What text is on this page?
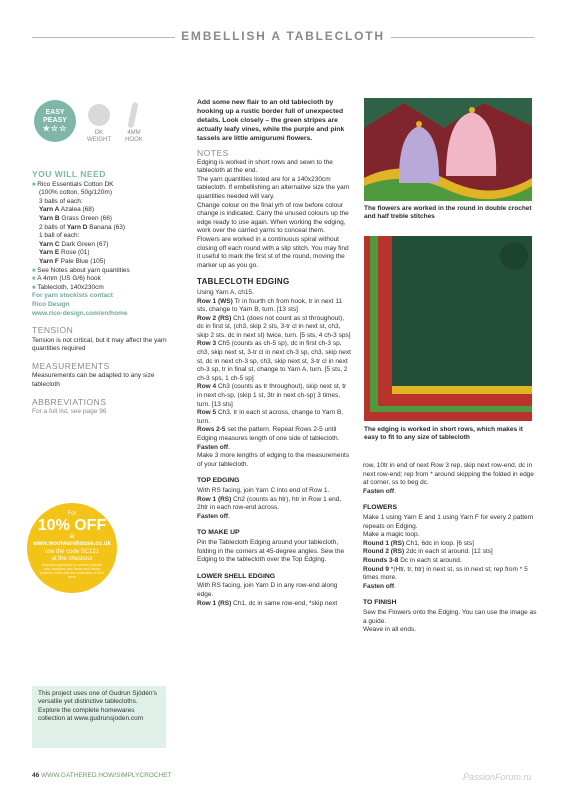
EMBELLISH A TABLECLOTH
EASY
PEASY
★☆☆	DK
WEIGHT
4MM
HOOK
YOU WILL NEED
■ Rico Essentials Cotton DK
(100% cotton, 50g/120m)
3 balls of each:
Yarn A Azalea (68)
Yarn B Grass Green (66)
2 balls of Yarn D Banana (63)
1 ball of each:
Yarn C Dark Green (67)
Yarn E Rose (01)
Yarn F Pale Blue (105)
■ See Notes about yarn quantities
■ A 4mm (US G/6) hook
■ Tablecloth, 140x230cm
For yarn stockists contact
Rico Design
www.rico-design.com/en/home
TENSION
Tension is not critical, but it may affect the yarn quantities required
MEASUREMENTS
Measurements can be adapted to any size tablecloth
ABBREVIATIONS
For a full list, see page 96
For
10% OFF
at
www.woolwarehouse.co.uk
use the code SC121
at the checkout
Discount applicable to current products only; excludes sale items and charity patterns; valid until the publication of next issue
This project uses one of Gudrun Sjödén's versatile yet distinctive tablecloths. Explore the complete homewares collection at www.gudrunsjoden.com
Add some new flair to an old tablecloth by hooking up a rustic border full of unexpected details. Look closely – the green stripes are actually leafy vines, while the purple and pink tassels are little amigurumi flowers.
NOTES

Edging is worked in short rows and sewn to the tablecloth at the end.

The yarn quantities listed are for a 140x230cm tablecloth. If embellishing an alternative size the yarn quantities needed will vary.

Change colour on the final yrh of row before colour change is indicated. Carry the unused colours up the edge ready to use again. When working the edging, work over the carried yarns to conceal them.

Flowers are worked in a continuous spiral without closing off each round with a slip stitch. You may find it useful to mark the first st of the round, moving the marker up as you go.

TABLECLOTH EDGING

Using Yarn A, ch15.

Row 1 (WS) Tr in fourth ch from hook, tr in next 11 sts, change to Yarn B, turn. [13 sts]

Row 2 (RS) Ch1 (does not count as st throughout), dc in first st, (ch3, skip 2 sts, 3-tr cl in next st, ch3, skip 2 sts, dc in next st) twice, turn. [5 sts, 4 ch-3 sps]

Row 3 Ch5 (counts as ch-5 sp), dc in first ch-3 sp, ch3, skip next st, 3-tr cl in next ch-3 sp, ch3, skip next st, dc in next ch-3 sp, ch3, skip next st, 3-tr cl in next ch-3 sp, tr in final st, change to Yarn A, turn. [5 sts, 2 ch-3 sps, 1 ch-5 sp]

Row 4 Ch3 (counts as tr throughout), skip next st, tr in next ch-sp, (skip 1 st, 3tr in next ch-sp) 3 times, turn. [13 sts]

Row 5 Ch3, tr in each st across, change to Yarn B, turn.

Rows 2-5 set the pattern. Repeat Rows 2-5 until Edging measures length of one side of tablecloth.

Fasten off.

Make 3 more lengths of edging to the measurements of your tablecloth.

TOP EDGING

With RS facing, join Yarn C into end of Row 1.

Row 1 (RS) Ch2 (counts as htr), htr in Row 1 end, 2htr in each row-end across.

Fasten off.

TO MAKE UP

Pin the Tablecloth Edging around your tablecloth, folding in the corners at 45-degree angles. Sew the Edging to the tablecloth over the Top Edging.

LOWER SHELL EDGING

With RS facing, join Yarn D in any row-end along edge.

Row 1 (RS) Ch1, dc in same row-end, *skip next

The flowers are worked in the round in double crochet and half treble stitches
The edging is worked in short rows, which makes it easy to fit to any size of tablecloth

row, 10tr in end of next Row 3 rep, skip next row-end, dc in next row-end; rep from * around skipping the folded in edge at corner, ss to beg dc.

Fasten off.

FLOWERS

Make 1 using Yarn E and 1 using Yarn F for every 2 pattern repeats on Edging.

Make a magic loop.

Round 1 (RS) Ch1, 6dc in loop. [6 sts]

Round 2 (RS) 2dc in each st around. [12 sts]

Rounds 3-8 Dc in each st around.

Round 9 *(Htr, tr, htr) in next st, ss in next st; rep from * 5 times more.

Fasten off.

TO FINISH

Sew the Flowers onto the Edging. You can use the image as a guide.

Weave in all ends.

46 WWW.GATHERED.HOW/SIMPLYCROCHET	PassionForum.ru
